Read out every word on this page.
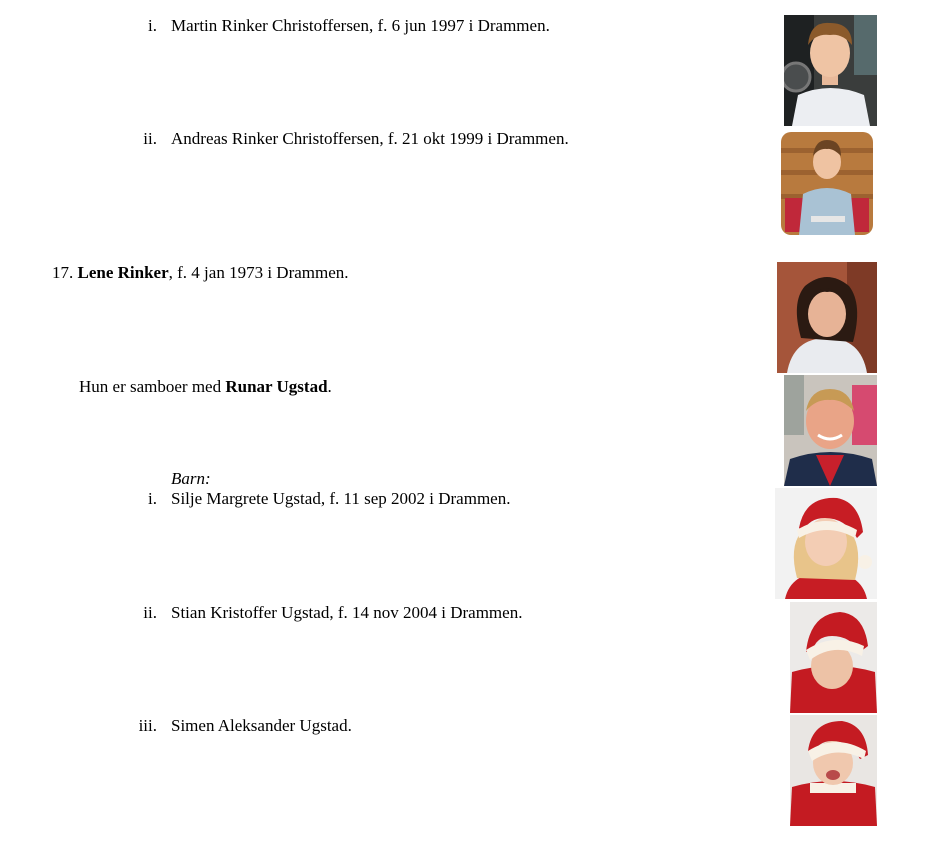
i. Martin Rinker Christoffersen, f. 6 jun 1997 i Drammen.
ii. Andreas Rinker Christoffersen, f. 21 okt 1999 i Drammen.
17. Lene Rinker, f. 4 jan 1973 i Drammen.
Hun er samboer med Runar Ugstad.
Barn:
i. Silje Margrete Ugstad, f. 11 sep 2002 i Drammen.
ii. Stian Kristoffer Ugstad, f. 14 nov 2004 i Drammen.
iii. Simen Aleksander Ugstad.
